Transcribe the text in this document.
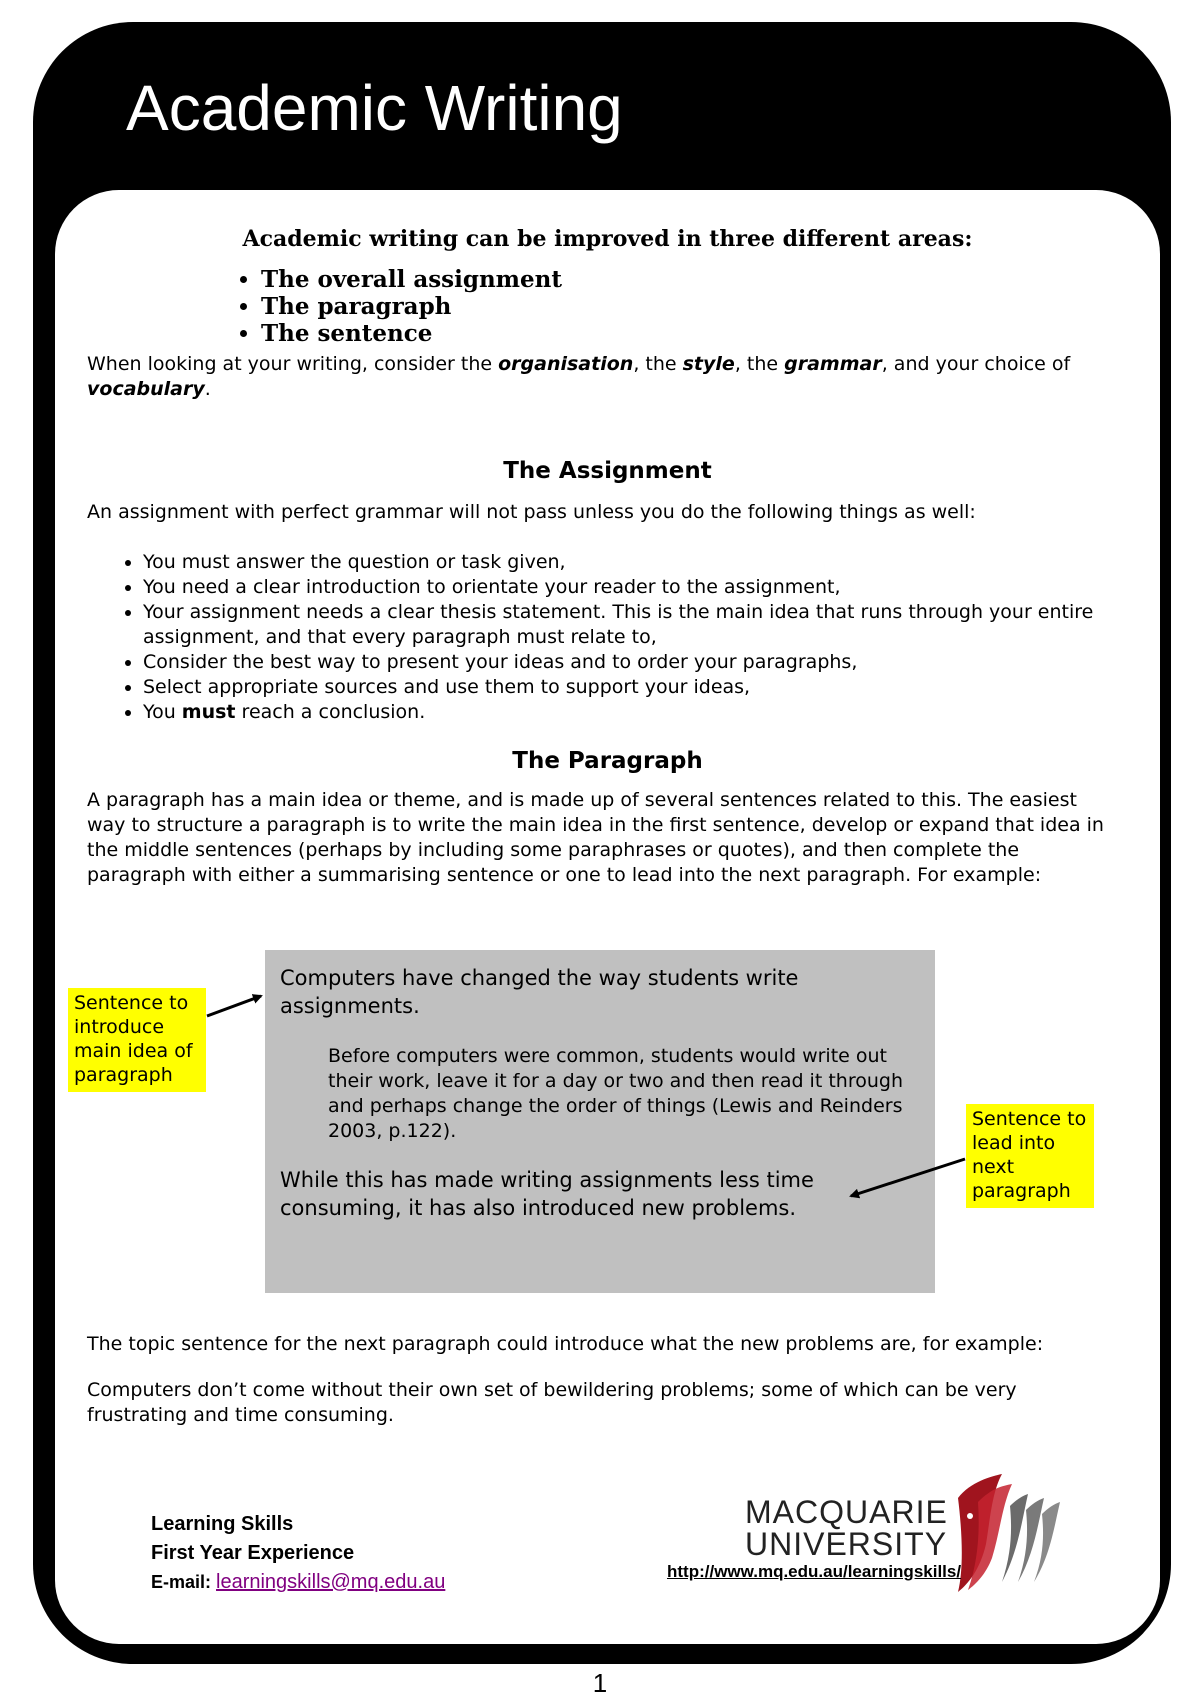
Academic Writing

Academic writing can be improved in three different areas:

• The overall assignment
• The paragraph
• The sentence

When looking at your writing, consider the organisation, the style, the grammar, and your choice of vocabulary.

The Assignment

An assignment with perfect grammar will not pass unless you do the following things as well:

• You must answer the question or task given,
• You need a clear introduction to orientate your reader to the assignment,
• Your assignment needs a clear thesis statement. This is the main idea that runs through your entire assignment, and that every paragraph must relate to,
• Consider the best way to present your ideas and to order your paragraphs,
• Select appropriate sources and use them to support your ideas,
• You must reach a conclusion.

The Paragraph

A paragraph has a main idea or theme, and is made up of several sentences related to this. The easiest way to structure a paragraph is to write the main idea in the first sentence, develop or expand that idea in the middle sentences (perhaps by including some paraphrases or quotes), and then complete the paragraph with either a summarising sentence or one to lead into the next paragraph. For example:

Computers have changed the way students write assignments.

Before computers were common, students would write out their work, leave it for a day or two and then read it through and perhaps change the order of things (Lewis and Reinders 2003, p.122).

While this has made writing assignments less time consuming, it has also introduced new problems.

Sentence to introduce main idea of paragraph
Sentence to lead into next paragraph

The topic sentence for the next paragraph could introduce what the new problems are, for example:

Computers don’t come without their own set of bewildering problems; some of which can be very frustrating and time consuming.

Learning Skills
First Year Experience
E-mail: learningskills@mq.edu.au
MACQUARIE
UNIVERSITY
http://www.mq.edu.au/learningskills/
1
